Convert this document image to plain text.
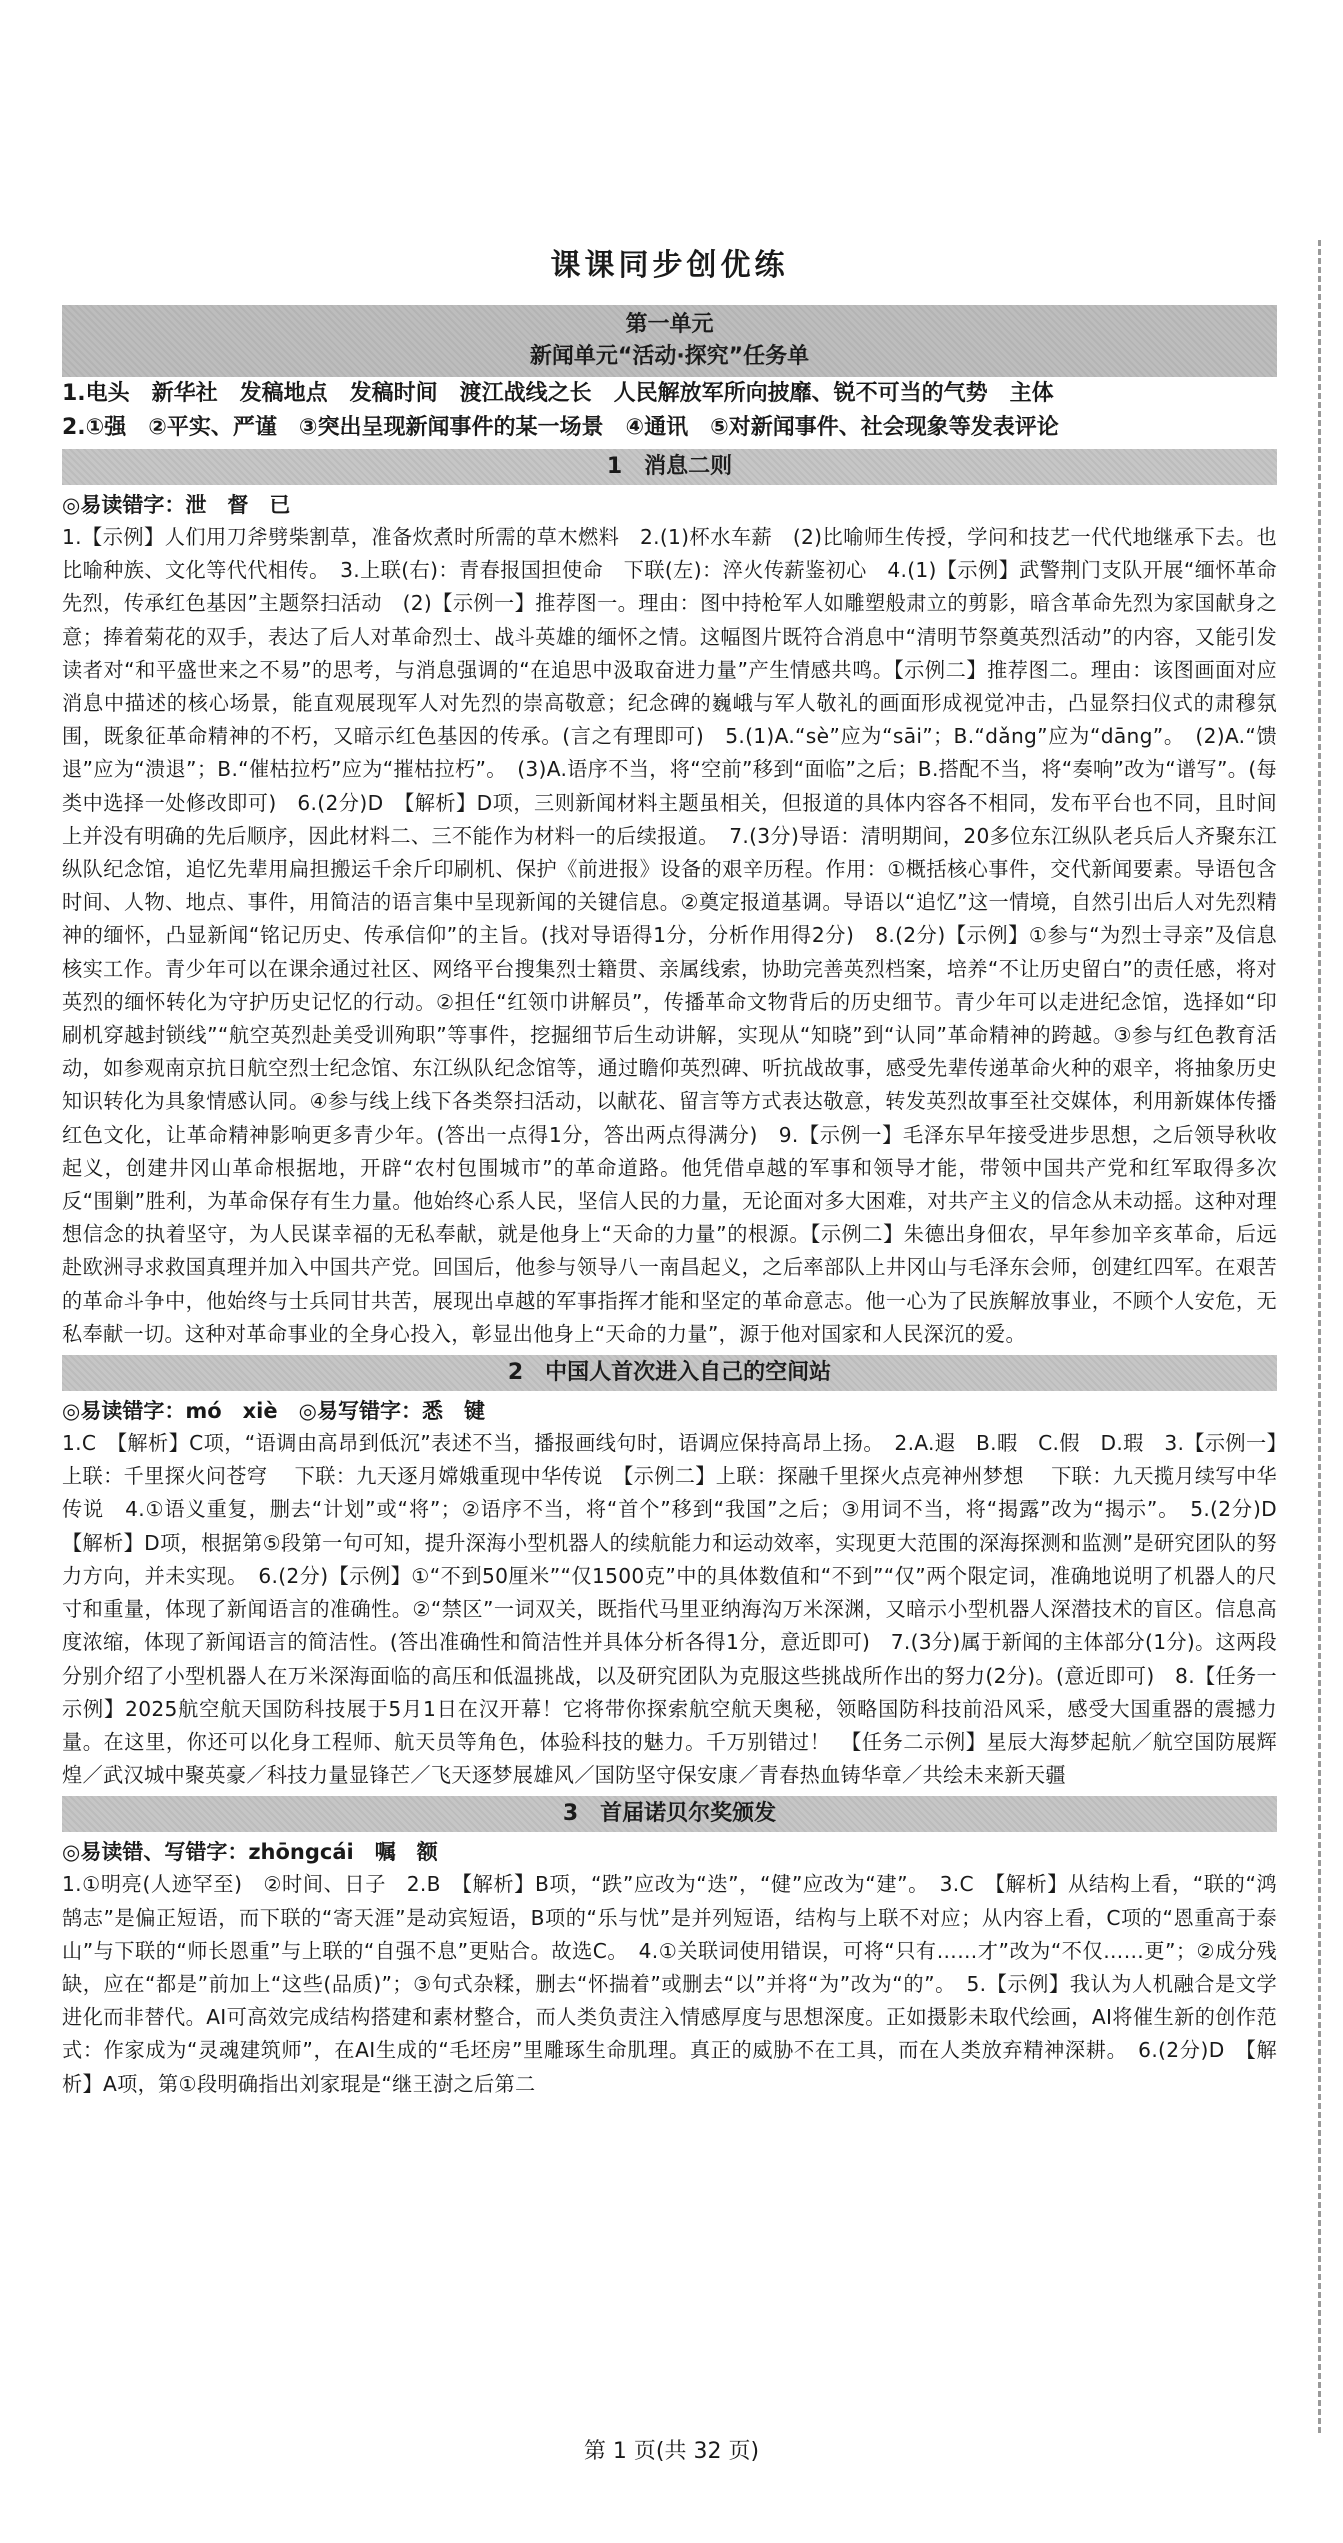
课课同步创优练
第一单元
新闻单元“活动·探究”任务单
1.电头　新华社　发稿地点　发稿时间　渡江战线之长　人民解放军所向披靡、锐不可当的气势　主体
2.①强　②平实、严谨　③突出呈现新闻事件的某一场景　④通讯　⑤对新闻事件、社会现象等发表评论
1　消息二则
◎易读错字：泄　督　已

1.【示例】人们用刀斧劈柴割草，准备炊煮时所需的草木燃料　2.(1)杯水车薪　(2)比喻师生传授，学问和技艺一代代地继承下去。也比喻种族、文化等代代相传。　3.上联(右)：青春报国担使命　下联(左)：淬火传薪鉴初心　4.(1)【示例】武警荆门支队开展“缅怀革命先烈，传承红色基因”主题祭扫活动　(2)【示例一】推荐图一。理由：图中持枪军人如雕塑般肃立的剪影，暗含革命先烈为家国献身之意；捧着菊花的双手，表达了后人对革命烈士、战斗英雄的缅怀之情。这幅图片既符合消息中“清明节祭奠英烈活动”的内容，又能引发读者对“和平盛世来之不易”的思考，与消息强调的“在追思中汲取奋进力量”产生情感共鸣。【示例二】推荐图二。理由：该图画面对应消息中描述的核心场景，能直观展现军人对先烈的崇高敬意；纪念碑的巍峨与军人敬礼的画面形成视觉冲击，凸显祭扫仪式的肃穆氛围，既象征革命精神的不朽，又暗示红色基因的传承。(言之有理即可)　5.(1)A.“sè”应为“sāi”；B.“dǎng”应为“dāng”。　(2)A.“馈退”应为“溃退”；B.“催枯拉朽”应为“摧枯拉朽”。　(3)A.语序不当，将“空前”移到“面临”之后；B.搭配不当，将“奏响”改为“谱写”。(每类中选择一处修改即可)　6.(2分)D　【解析】D项，三则新闻材料主题虽相关，但报道的具体内容各不相同，发布平台也不同，且时间上并没有明确的先后顺序，因此材料二、三不能作为材料一的后续报道。　7.(3分)导语：清明期间，20多位东江纵队老兵后人齐聚东江纵队纪念馆，追忆先辈用扁担搬运千余斤印刷机、保护《前进报》设备的艰辛历程。作用：①概括核心事件，交代新闻要素。导语包含时间、人物、地点、事件，用简洁的语言集中呈现新闻的关键信息。②奠定报道基调。导语以“追忆”这一情境，自然引出后人对先烈精神的缅怀，凸显新闻“铭记历史、传承信仰”的主旨。(找对导语得1分，分析作用得2分)　8.(2分)【示例】①参与“为烈士寻亲”及信息核实工作。青少年可以在课余通过社区、网络平台搜集烈士籍贯、亲属线索，协助完善英烈档案，培养“不让历史留白”的责任感，将对英烈的缅怀转化为守护历史记忆的行动。②担任“红领巾讲解员”，传播革命文物背后的历史细节。青少年可以走进纪念馆，选择如“印刷机穿越封锁线”“航空英烈赴美受训殉职”等事件，挖掘细节后生动讲解，实现从“知晓”到“认同”革命精神的跨越。③参与红色教育活动，如参观南京抗日航空烈士纪念馆、东江纵队纪念馆等，通过瞻仰英烈碑、听抗战故事，感受先辈传递革命火种的艰辛，将抽象历史知识转化为具象情感认同。④参与线上线下各类祭扫活动，以献花、留言等方式表达敬意，转发英烈故事至社交媒体，利用新媒体传播红色文化，让革命精神影响更多青少年。(答出一点得1分，答出两点得满分)　9.【示例一】毛泽东早年接受进步思想，之后领导秋收起义，创建井冈山革命根据地，开辟“农村包围城市”的革命道路。他凭借卓越的军事和领导才能，带领中国共产党和红军取得多次反“围剿”胜利，为革命保存有生力量。他始终心系人民，坚信人民的力量，无论面对多大困难，对共产主义的信念从未动摇。这种对理想信念的执着坚守，为人民谋幸福的无私奉献，就是他身上“天命的力量”的根源。【示例二】朱德出身佃农，早年参加辛亥革命，后远赴欧洲寻求救国真理并加入中国共产党。回国后，他参与领导八一南昌起义，之后率部队上井冈山与毛泽东会师，创建红四军。在艰苦的革命斗争中，他始终与士兵同甘共苦，展现出卓越的军事指挥才能和坚定的革命意志。他一心为了民族解放事业，不顾个人安危，无私奉献一切。这种对革命事业的全身心投入，彰显出他身上“天命的力量”，源于他对国家和人民深沉的爱。

2　中国人首次进入自己的空间站
◎易读错字：mó　xiè　◎易写错字：悉　键

1.C　【解析】C项，“语调由高昂到低沉”表述不当，播报画线句时，语调应保持高昂上扬。　2.A.遐　B.暇　C.假　D.瑕　3.【示例一】上联：千里探火问苍穹 　下联：九天逐月嫦娥重现中华传说　【示例二】上联：探融千里探火点亮神州梦想 　下联：九天揽月续写中华传说　4.①语义重复，删去“计划”或“将”；②语序不当，将“首个”移到“我国”之后；③用词不当，将“揭露”改为“揭示”。　5.(2分)D　【解析】D项，根据第⑤段第一句可知，提升深海小型机器人的续航能力和运动效率，实现更大范围的深海探测和监测”是研究团队的努力方向，并未实现。　6.(2分)【示例】①“不到50厘米”“仅1500克”中的具体数值和“不到”“仅”两个限定词，准确地说明了机器人的尺寸和重量，体现了新闻语言的准确性。②“禁区”一词双关，既指代马里亚纳海沟万米深渊，又暗示小型机器人深潜技术的盲区。信息高度浓缩，体现了新闻语言的简洁性。(答出准确性和简洁性并具体分析各得1分，意近即可)　7.(3分)属于新闻的主体部分(1分)。这两段分别介绍了小型机器人在万米深海面临的高压和低温挑战，以及研究团队为克服这些挑战所作出的努力(2分)。(意近即可)　8.【任务一示例】2025航空航天国防科技展于5月1日在汉开幕！它将带你探索航空航天奥秘，领略国防科技前沿风采，感受大国重器的震撼力量。在这里，你还可以化身工程师、航天员等角色，体验科技的魅力。千万别错过！　【任务二示例】星辰大海梦起航／航空国防展辉煌／武汉城中聚英豪／科技力量显锋芒／飞天逐梦展雄风／国防坚守保安康／青春热血铸华章／共绘未来新天疆

3　首届诺贝尔奖颁发
◎易读错、写错字：zhōngcái　嘱　额

1.①明亮(人迹罕至)　②时间、日子　2.B　【解析】B项，“跌”应改为“迭”，“健”应改为“建”。　3.C　【解析】从结构上看，“联的“鸿鹄志”是偏正短语，而下联的“寄天涯”是动宾短语，B项的“乐与忧”是并列短语，结构与上联不对应；从内容上看，C项的“恩重高于泰山”与下联的“师长恩重”与上联的“自强不息”更贴合。故选C。　4.①关联词使用错误，可将“只有……才”改为“不仅……更”；②成分残缺，应在“都是”前加上“这些(品质)”；③句式杂糅，删去“怀揣着”或删去“以”并将“为”改为“的”。　5.【示例】我认为人机融合是文学进化而非替代。AI可高效完成结构搭建和素材整合，而人类负责注入情感厚度与思想深度。正如摄影未取代绘画，AI将催生新的创作范式：作家成为“灵魂建筑师”，在AI生成的“毛坯房”里雕琢生命肌理。真正的威胁不在工具，而在人类放弃精神深耕。　6.(2分)D　【解析】A项，第①段明确指出刘家琨是“继王澍之后第二

第 1 页(共 32 页)
